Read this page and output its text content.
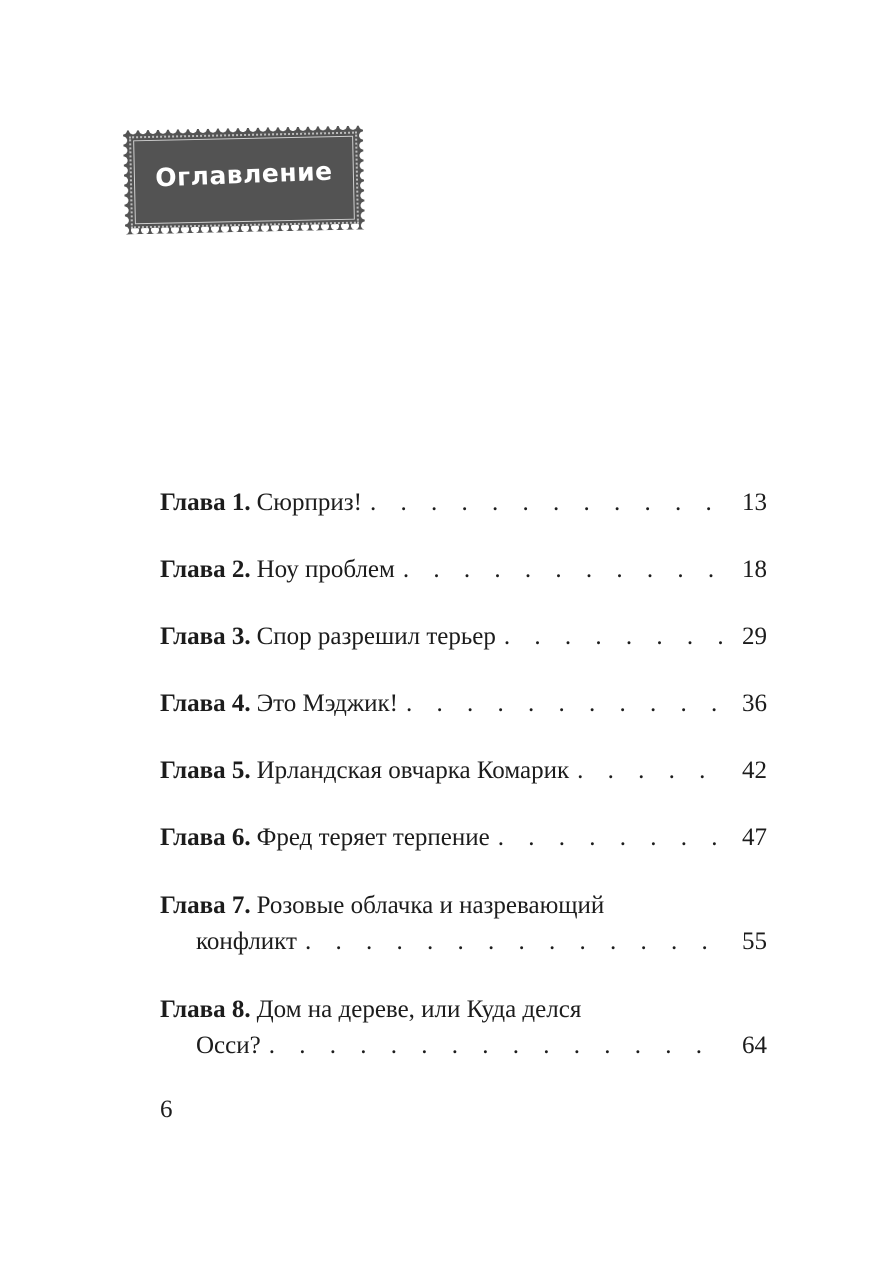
Оглавление
Глава 1. Сюрприз! . . .	13
Глава 2. Ноу проблем . . .	18
Глава 3. Спор разрешил терьер . . .	29
Глава 4. Это Мэджик! . . .	36
Глава 5. Ирландская овчарка Комарик . . .	42
Глава 6. Фред теряет терпение . . .	47
Глава 7. Розовые облачка и назревающий
конфликт . . .	55
Глава 8. Дом на дереве, или Куда делся
Осси? . . .	64
6
